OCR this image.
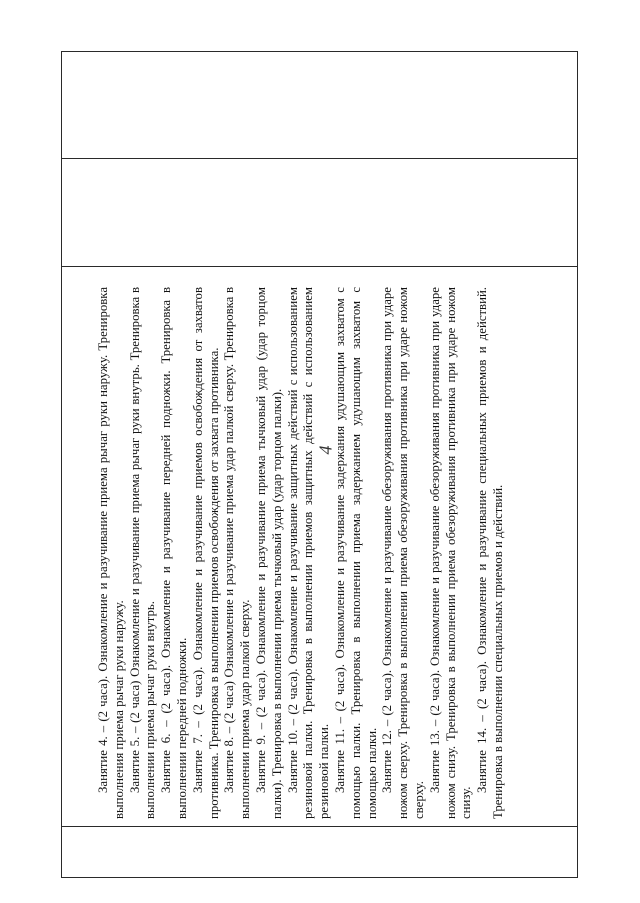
4

Занятие 4. – (2 часа). Ознакомление и разучивание приема рычаг руки наружу. Тренировка выполнения приема рычаг руки наружу. Занятие 5. – (2 часа) Ознакомление и разучивание приема рычаг руки внутрь. Тренировка в выполнении приема рычаг руки внутрь. Занятие 6. – (2 часа). Ознакомление и разучивание передней подножки. Тренировка в выполнении передней подножки. Занятие 7. – (2 часа). Ознакомление и разучивание приемов освобождения от захватов противника. Тренировка в выполнении приемов освобождения от захвата противника. Занятие 8. – (2 часа) Ознакомление и разучивание приема удар палкой сверху. Тренировка в выполнении приема удар палкой сверху. Занятие 9. – (2 часа). Ознакомление и разучивание приема тычковый удар (удар торцом палки). Тренировка в выполнении приема тычковый удар (удар торцом палки). Занятие 10. – (2 часа). Ознакомление и разучивание защитных действий с использованием резиновой палки. Тренировка в выполнении приемов защитных действий с использованием резиновой палки. Занятие 11. – (2 часа). Ознакомление и разучивание задержания удушающим захватом с помощью палки. Тренировка в выполнении приема задержанием удушающим захватом с помощью палки. Занятие 12. – (2 часа). Ознакомление и разучивание обезоруживания противника при ударе ножом сверху. Тренировка в выполнении приема обезоруживания противника при ударе ножом сверху.

Занятие 13. – (2 часа). Ознакомление и разучивание обезоруживания противника при ударе ножом снизу. Тренировка в выполнении приема обезоруживания противника при ударе ножом снизу.

Занятие 14. – (2 часа). Ознакомление и разучивание специальных приемов и действий. Тренировка в выполнении специальных приемов и действий.
